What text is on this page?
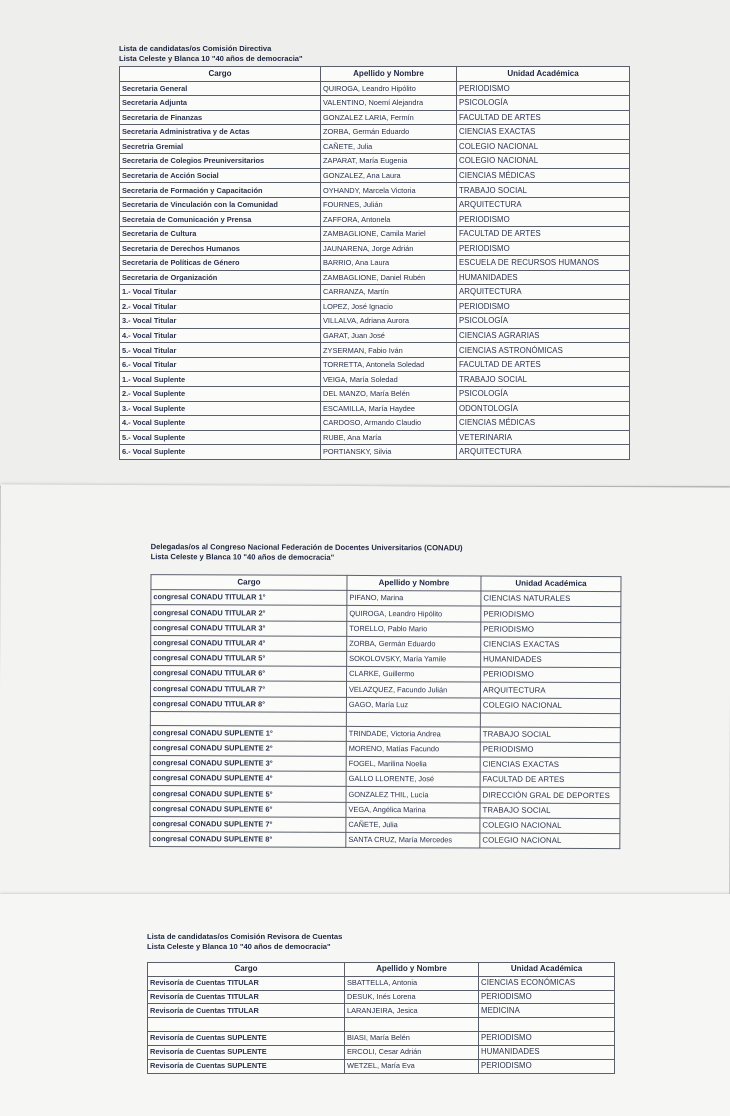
Lista de candidatas/os Comisión Directiva
Lista Celeste y Blanca 10 "40 años de democracia"
Cargo	Apellido y Nombre	Unidad Académica
Secretaria General	QUIROGA, Leandro Hipólito	PERIODISMO
Secretaria Adjunta	VALENTINO, Noemí Alejandra	PSICOLOGÍA
Secretaria de Finanzas	GONZALEZ LARIA, Fermín	FACULTAD DE ARTES
Secretaria Administrativa y de Actas	ZORBA, Germán Eduardo	CIENCIAS EXACTAS
Secretria Gremial	CAÑETE, Julia	COLEGIO NACIONAL
Secretaria de Colegios Preuniversitarios	ZAPARAT, María Eugenia	COLEGIO NACIONAL
Secretaria de Acción Social	GONZALEZ, Ana Laura	CIENCIAS MÉDICAS
Secretaria de Formación y Capacitación	OYHANDY, Marcela Victoria	TRABAJO SOCIAL
Secretaria de Vinculación con la Comunidad	FOURNES, Julián	ARQUITECTURA
Secretaia de Comunicación y Prensa	ZAFFORA, Antonela	PERIODISMO
Secretaria de Cultura	ZAMBAGLIONE, Camila Mariel	FACULTAD DE ARTES
Secretaria de Derechos Humanos	JAUNARENA, Jorge Adrián	PERIODISMO
Secretaria de Políticas de Género	BARRIO, Ana Laura	ESCUELA DE RECURSOS HUMANOS
Secretaria de Organización	ZAMBAGLIONE, Daniel Rubén	HUMANIDADES
1.- Vocal Titular	CARRANZA, Martín	ARQUITECTURA
2.- Vocal Titular	LOPEZ, José Ignacio	PERIODISMO
3.- Vocal Titular	VILLALVA, Adriana Aurora	PSICOLOGÍA
4.- Vocal Titular	GARAT, Juan José	CIENCIAS AGRARIAS
5.- Vocal Titular	ZYSERMAN, Fabio Iván	CIENCIAS ASTRONÓMICAS
6.- Vocal Titular	TORRETTA, Antonela Soledad	FACULTAD DE ARTES
1.- Vocal Suplente	VEIGA, María Soledad	TRABAJO SOCIAL
2.- Vocal Suplente	DEL MANZO, María Belén	PSICOLOGÍA
3.- Vocal Suplente	ESCAMILLA, María Haydee	ODONTOLOGÍA
4.- Vocal Suplente	CARDOSO, Armando Claudio	CIENCIAS MÉDICAS
5.- Vocal Suplente	RUBE, Ana María	VETERINARIA
6.- Vocal Suplente	PORTIANSKY, Silvia	ARQUITECTURA
Delegadas/os al Congreso Nacional Federación de Docentes Universitarios (CONADU)
Lista Celeste y Blanca 10 "40 años de democracia"
Cargo	Apellido y Nombre	Unidad Académica
congresal CONADU TITULAR 1°	PIFANO, Marina	CIENCIAS NATURALES
congresal CONADU TITULAR 2°	QUIROGA, Leandro Hipólito	PERIODISMO
congresal CONADU TITULAR 3°	TORELLO, Pablo Mario	PERIODISMO
congresal CONADU TITULAR 4°	ZORBA, Germán Eduardo	CIENCIAS EXACTAS
congresal CONADU TITULAR 5°	SOKOLOVSKY, María Yamile	HUMANIDADES
congresal CONADU TITULAR 6°	CLARKE, Guillermo	PERIODISMO
congresal CONADU TITULAR 7°	VELAZQUEZ, Facundo Julián	ARQUITECTURA
congresal CONADU TITULAR 8°	GAGO, María Luz	COLEGIO NACIONAL

congresal CONADU SUPLENTE 1°	TRINDADE, Victoria Andrea	TRABAJO SOCIAL
congresal CONADU SUPLENTE 2°	MORENO, Matías Facundo	PERIODISMO
congresal CONADU SUPLENTE 3°	FOGEL, Marilina Noelia	CIENCIAS EXACTAS
congresal CONADU SUPLENTE 4°	GALLO LLORENTE, José	FACULTAD DE ARTES
congresal CONADU SUPLENTE 5°	GONZALEZ THIL, Lucía	DIRECCIÓN GRAL DE DEPORTES
congresal CONADU SUPLENTE 6°	VEGA, Angélica Marina	TRABAJO SOCIAL
congresal CONADU SUPLENTE 7°	CAÑETE, Julia	COLEGIO NACIONAL
congresal CONADU SUPLENTE 8°	SANTA CRUZ, María Mercedes	COLEGIO NACIONAL
Lista de candidatas/os Comisión Revisora de Cuentas
Lista Celeste y Blanca 10 "40 años de democracia"
Cargo	Apellido y Nombre	Unidad Académica
Revisoría de Cuentas TITULAR	SBATTELLA, Antonia	CIENCIAS ECONÓMICAS
Revisoría de Cuentas TITULAR	DESUK, Inés Lorena	PERIODISMO
Revisoría de Cuentas TITULAR	LARANJEIRA, Jesica	MEDICINA

Revisoría de Cuentas SUPLENTE	BIASI, María Belén	PERIODISMO
Revisoría de Cuentas SUPLENTE	ERCOLI, Cesar Adrián	HUMANIDADES
Revisoría de Cuentas SUPLENTE	WETZEL, María Eva	PERIODISMO
